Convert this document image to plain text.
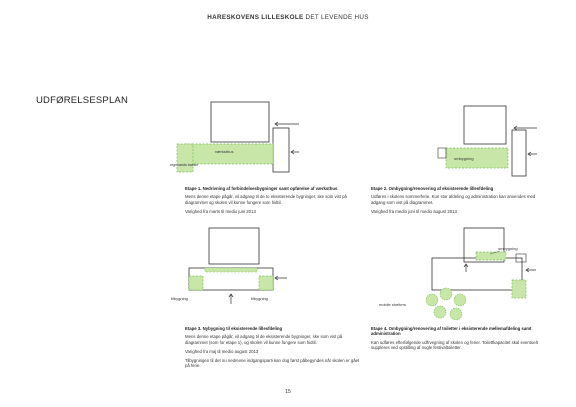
HARESKOVENS LILLESKOLE DET LEVENDE HUS
UDFØRELSESPLAN
værksthus
regnvands bassin
Etape 1. Nedrivning af forbindelsesbygninger samt opførelse af værksthus

Mens denne etape pågår, vil adgang til de to eksisterende bygninger, ske som vist på diagrammet og skolen vil kunne fungere som hidtil.

Varighed fra marts til medio juni 2013

ombygning
Etape 2. Ombygning/renovering af eksisterende lillesfdeling

Udføres i skolens sommerferie. Kun stor afdeling og administration kan anvendes med adgang som vist på diagrammet.

Varighed fra medio juni til medio august 2013

tilbygning	tilbygning
Etape 3. Nybygning til eksisterende lillesfdeling

Mens denne etape pågår, vil adgang til de eksisterende bygninger, ske som vist på diagrammet (som for etape 1), og skolen vil kunne fungere som hidtil.

Varighed fra maj til medio august 2013

Tilbygningen til det nu nedrevne indgangsparti kan dog først påbegyndes når skolen er gået på ferie.

ombygning
mobile shelters
Etape 4. Ombygning/renovering af toiletter i eksisterende mellemafdeling samt administration

Kan udføres efterfølgende udfrvegning af skolen og ferier. Toilettkapacitet skal eventuelt suppleres ved opstilling af nogle festivaltoiletter.

15
